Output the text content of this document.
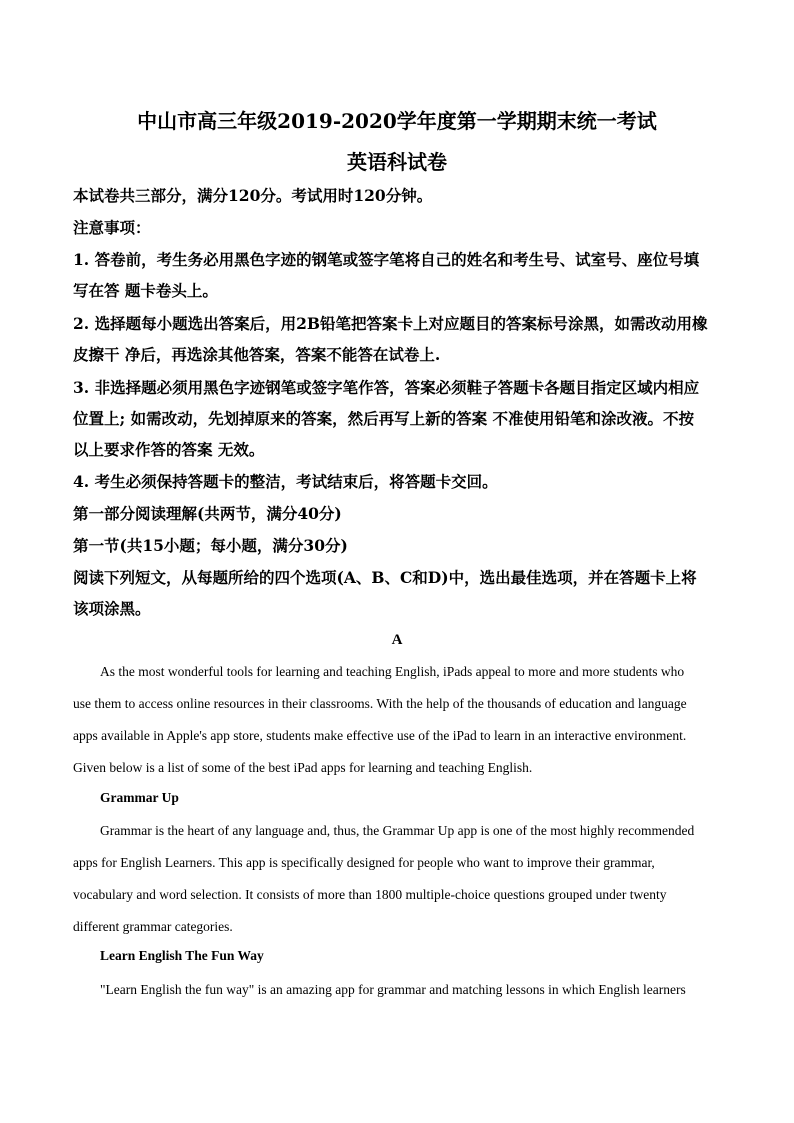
中山市高三年级2019-2020学年度第一学期期末统一考试
英语科试卷
本试卷共三部分，满分120分。考试用时120分钟。
注意事项：
1. 答卷前，考生务必用黑色字迹的钢笔或签字笔将自己的姓名和考生号、试室号、座位号填
写在答 题卡卷头上。
2. 选择题每小题选出答案后，用2B铅笔把答案卡上对应题目的答案标号涂黑，如需改动用橡
皮擦干 净后，再选涂其他答案，答案不能答在试卷上.
3. 非选择题必须用黑色字迹钢笔或签字笔作答，答案必须鞋子答题卡各题目指定区域内相应
位置上; 如需改动，先划掉原来的答案，然后再写上新的答案 不准使用铅笔和涂改液。不按
以上要求作答的答案 无效。
4. 考生必须保持答题卡的整洁，考试结束后，将答题卡交回。
第一部分阅读理解(共两节，满分40分)
第一节(共15小题；每小题，满分30分)
阅读下列短文，从每题所给的四个选项(A、B、C和D)中，选出最佳选项，并在答题卡上将
该项涂黑。
A
As the most wonderful tools for learning and teaching English, iPads appeal to more and more students who
use them to access online resources in their classrooms. With the help of the thousands of education and language
apps available in Apple's app store, students make effective use of the iPad to learn in an interactive environment.
Given below is a list of some of the best iPad apps for learning and teaching English.
Grammar Up
Grammar is the heart of any language and, thus, the Grammar Up app is one of the most highly recommended
apps for English Learners. This app is specifically designed for people who want to improve their grammar,
vocabulary and word selection. It consists of more than 1800 multiple-choice questions grouped under twenty
different grammar categories.
Learn English The Fun Way
"Learn English the fun way" is an amazing app for grammar and matching lessons in which English learners
